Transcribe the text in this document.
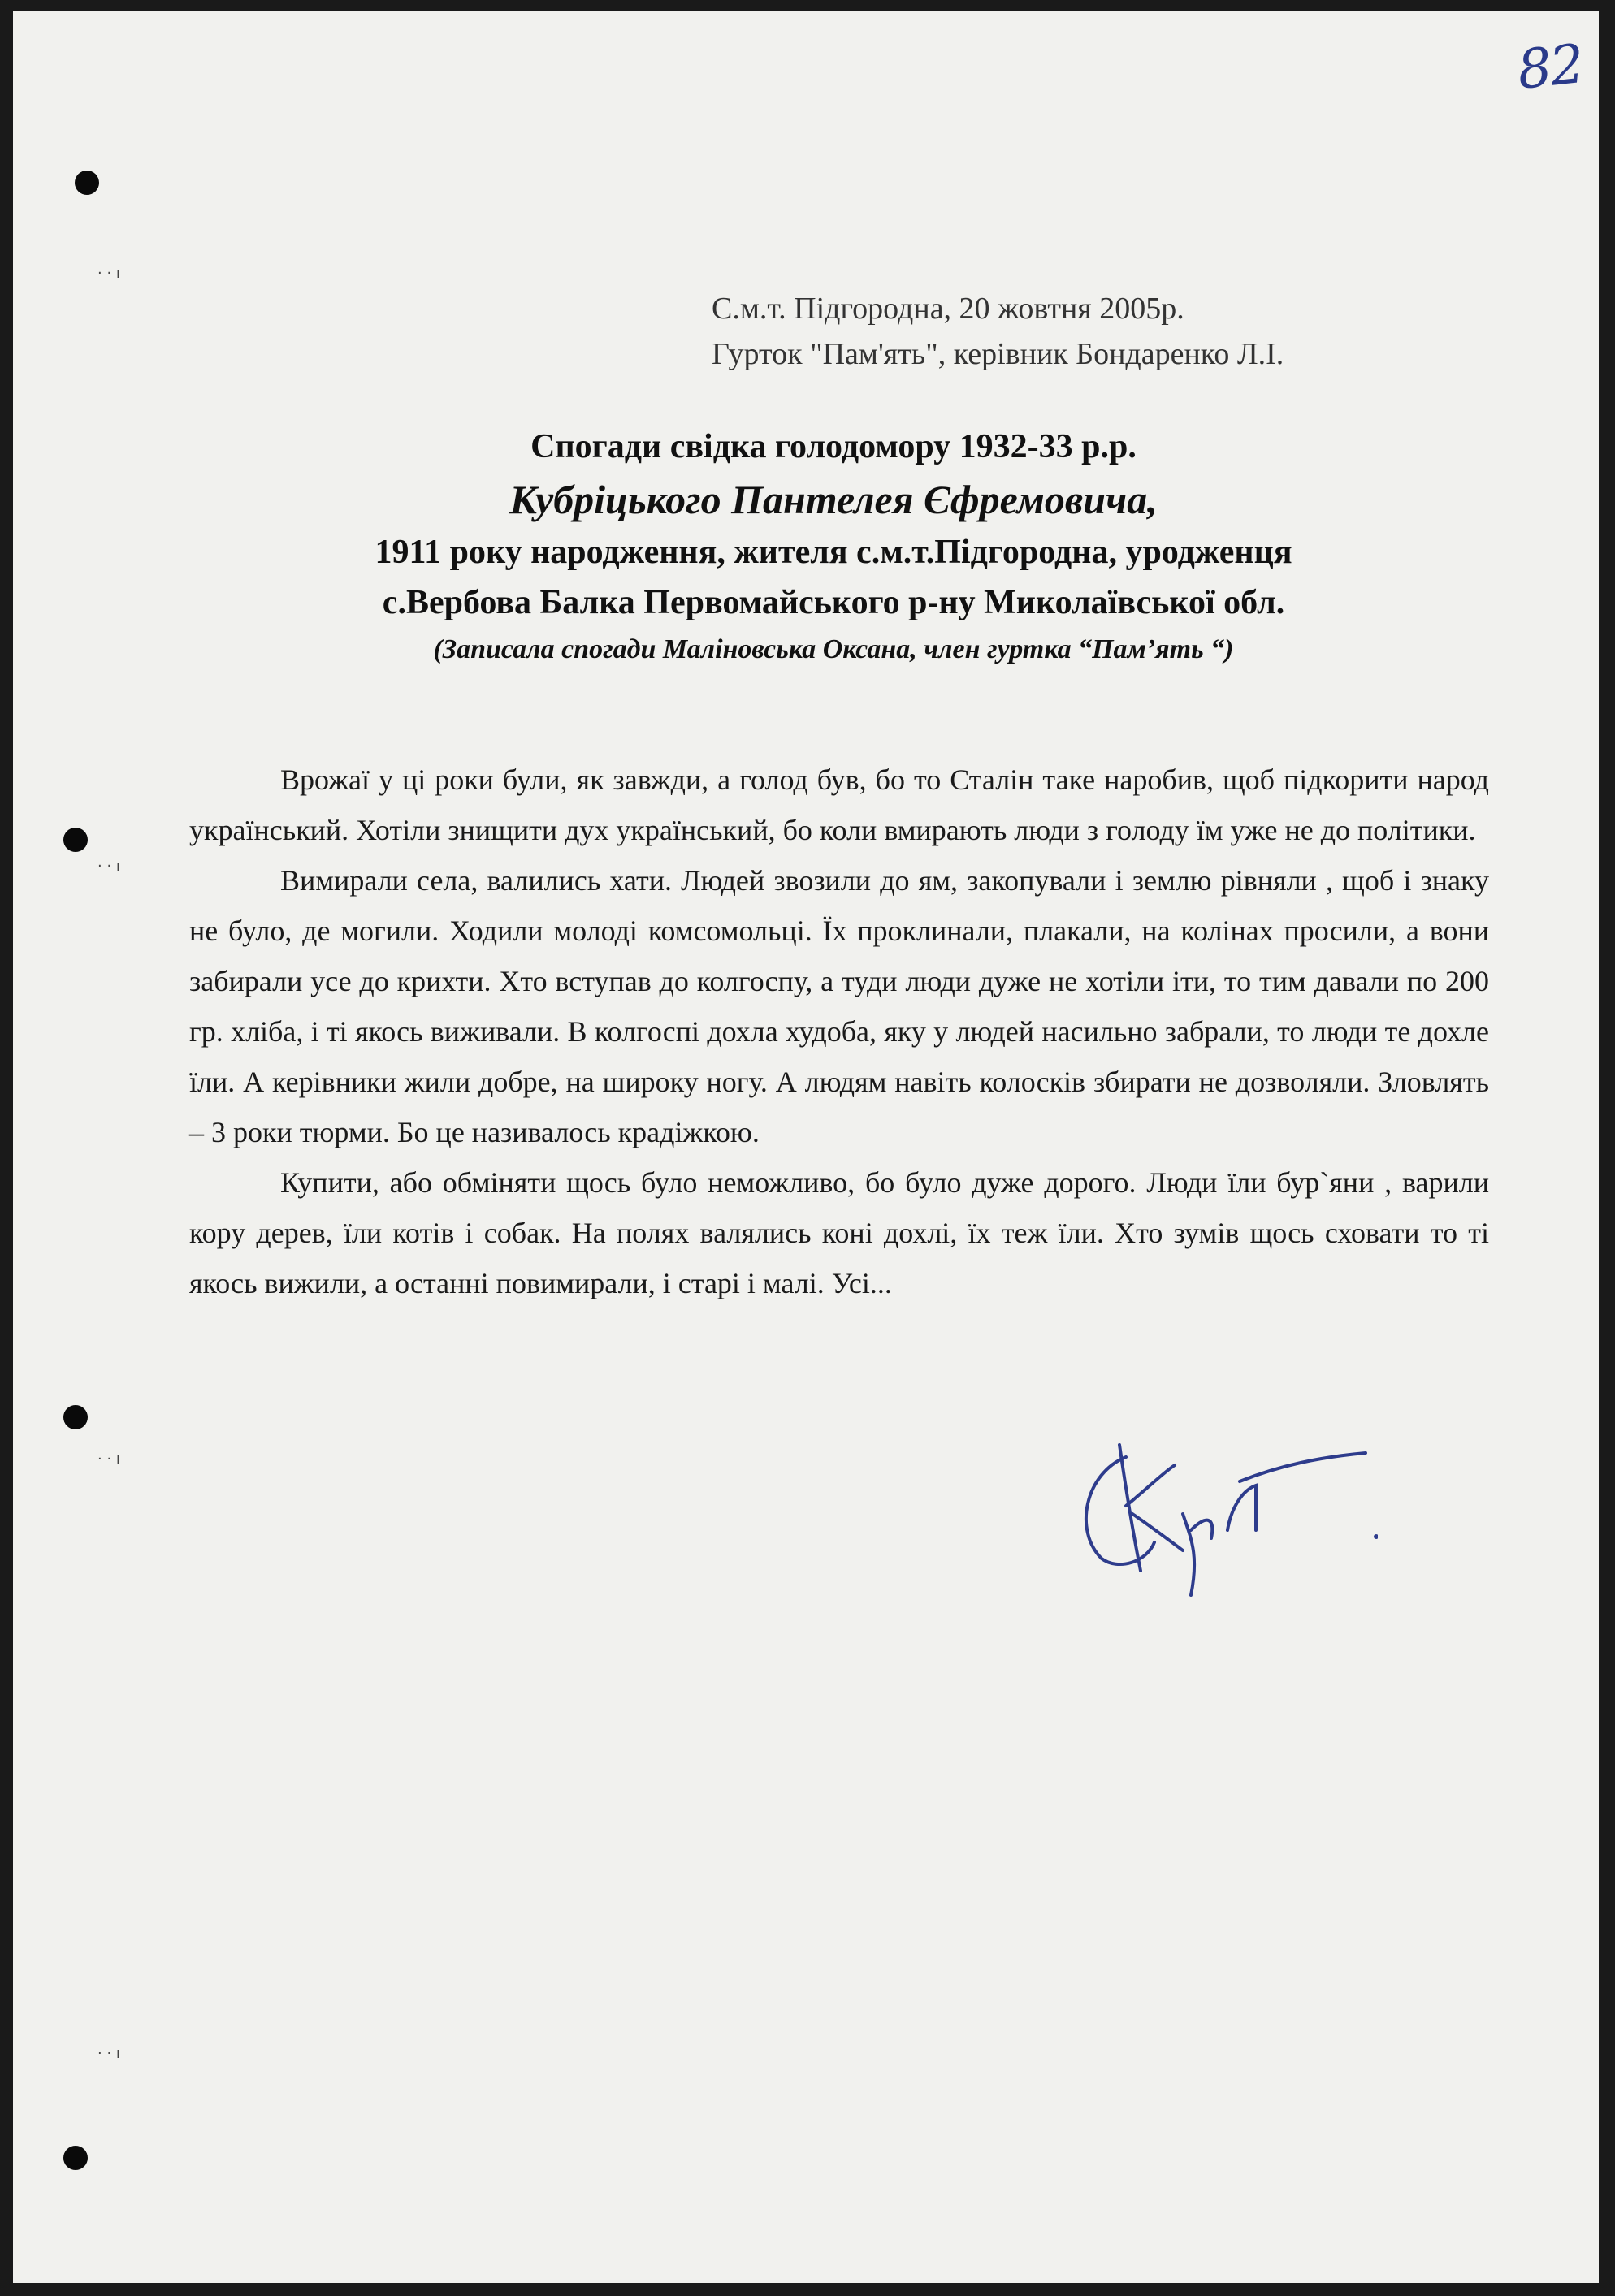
82
· · ı
· · ı
· · ı
· · ı
С.м.т. Підгородна, 20 жовтня 2005р.
Гурток "Пам'ять", керівник Бондаренко Л.І.
Спогади свідка голодомору 1932-33 р.р.
Кубріцького Пантелея Єфремовича,
1911 року народження, жителя с.м.т.Підгородна, уродженця
с.Вербова Балка Первомайського р-ну Миколаївської обл.
(Записала спогади Маліновська Оксана, член гуртка “Пам’ять “)

Врожаї у ці роки були, як завжди, а голод був, бо то Сталін таке наробив, щоб підкорити народ український. Хотіли знищити дух український, бо коли вмирають люди з голоду їм уже не до політики.

Вимирали села, валились хати. Людей звозили до ям, закопували і землю рівняли , щоб і знаку не було, де могили. Ходили молоді комсомольці. Їх проклинали, плакали, на колінах просили, а вони забирали усе до крихти. Хто вступав до колгоспу, а туди люди дуже не хотіли іти, то тим давали по 200 гр. хліба, і ті якось виживали. В колгоспі дохла худоба, яку у людей насильно забрали, то люди те дохле їли. А керівники жили добре, на широку ногу. А людям навіть колосків збирати не дозволяли. Зловлять – 3 роки тюрми. Бо це називалось крадіжкою.

Купити, або обміняти щось було неможливо, бо було дуже дорого. Люди їли бур`яни , варили кору дерев, їли котів і собак. На полях валялись коні дохлі, їх теж їли. Хто зумів щось сховати то ті якось вижили, а останні повимирали, і старі і малі. Усі...
